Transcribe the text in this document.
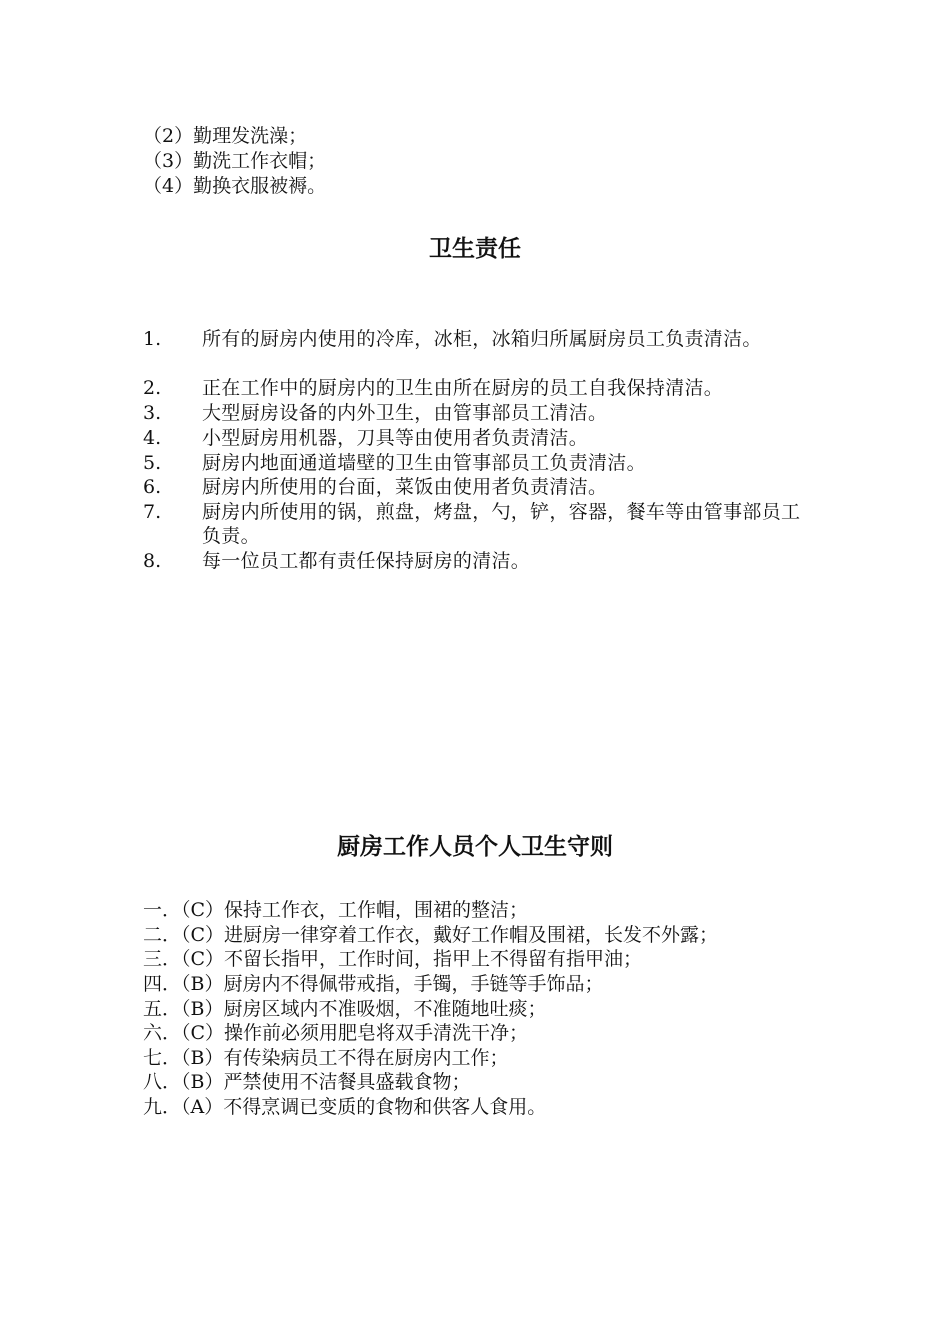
（2）勤理发洗澡；
（3）勤洗工作衣帽；
（4）勤换衣服被褥。
卫生责任
1. 所有的厨房内使用的冷库，冰柜，冰箱归所属厨房员工负责清洁。
2. 正在工作中的厨房内的卫生由所在厨房的员工自我保持清洁。
3. 大型厨房设备的内外卫生，由管事部员工清洁。
4. 小型厨房用机器，刀具等由使用者负责清洁。
5. 厨房内地面通道墙壁的卫生由管事部员工负责清洁。
6. 厨房内所使用的台面，菜饭由使用者负责清洁。
7. 厨房内所使用的锅，煎盘，烤盘，勺，铲，容器，餐车等由管事部员工负责。
8. 每一位员工都有责任保持厨房的清洁。
厨房工作人员个人卫生守则
一．（C）保持工作衣，工作帽，围裙的整洁；
二．（C）进厨房一律穿着工作衣，戴好工作帽及围裙，长发不外露；
三．（C）不留长指甲，工作时间，指甲上不得留有指甲油；
四．（B）厨房内不得佩带戒指，手镯，手链等手饰品；
五．（B）厨房区域内不准吸烟，不准随地吐痰；
六．（C）操作前必须用肥皂将双手清洗干净；
七．（B）有传染病员工不得在厨房内工作；
八．（B）严禁使用不洁餐具盛载食物；
九．（A）不得烹调已变质的食物和供客人食用。
